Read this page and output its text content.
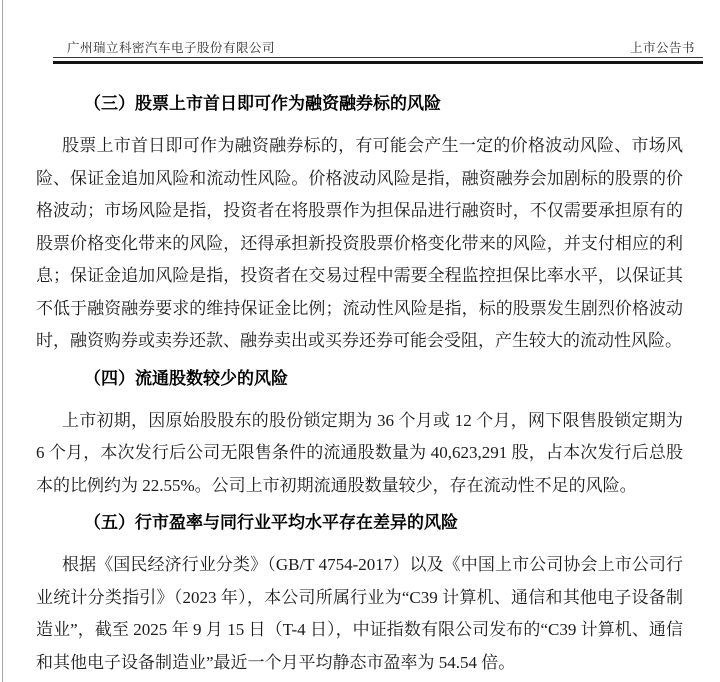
广州瑞立科密汽车电子股份有限公司	上市公告书
（三）股票上市首日即可作为融资融券标的风险

股票上市首日即可作为融资融券标的，有可能会产生一定的价格波动风险、市场风险、保证金追加风险和流动性风险。价格波动风险是指，融资融券会加剧标的股票的价格波动；市场风险是指，投资者在将股票作为担保品进行融资时，不仅需要承担原有的股票价格变化带来的风险，还得承担新投资股票价格变化带来的风险，并支付相应的利息；保证金追加风险是指，投资者在交易过程中需要全程监控担保比率水平，以保证其不低于融资融券要求的维持保证金比例；流动性风险是指，标的股票发生剧烈价格波动时，融资购券或卖券还款、融券卖出或买券还券可能会受阻，产生较大的流动性风险。

（四）流通股数较少的风险

上市初期，因原始股股东的股份锁定期为 36 个月或 12 个月，网下限售股锁定期为 6 个月，本次发行后公司无限售条件的流通股数量为 40,623,291 股，占本次发行后总股本的比例约为 22.55%。公司上市初期流通股数量较少，存在流动性不足的风险。

（五）行市盈率与同行业平均水平存在差异的风险

根据《国民经济行业分类》（GB/T 4754-2017）以及《中国上市公司协会上市公司行业统计分类指引》（2023 年），本公司所属行业为“C39 计算机、通信和其他电子设备制造业”，截至 2025 年 9 月 15 日（T-4 日），中证指数有限公司发布的“C39 计算机、通信和其他电子设备制造业”最近一个月平均静态市盈率为 54.54 倍。
